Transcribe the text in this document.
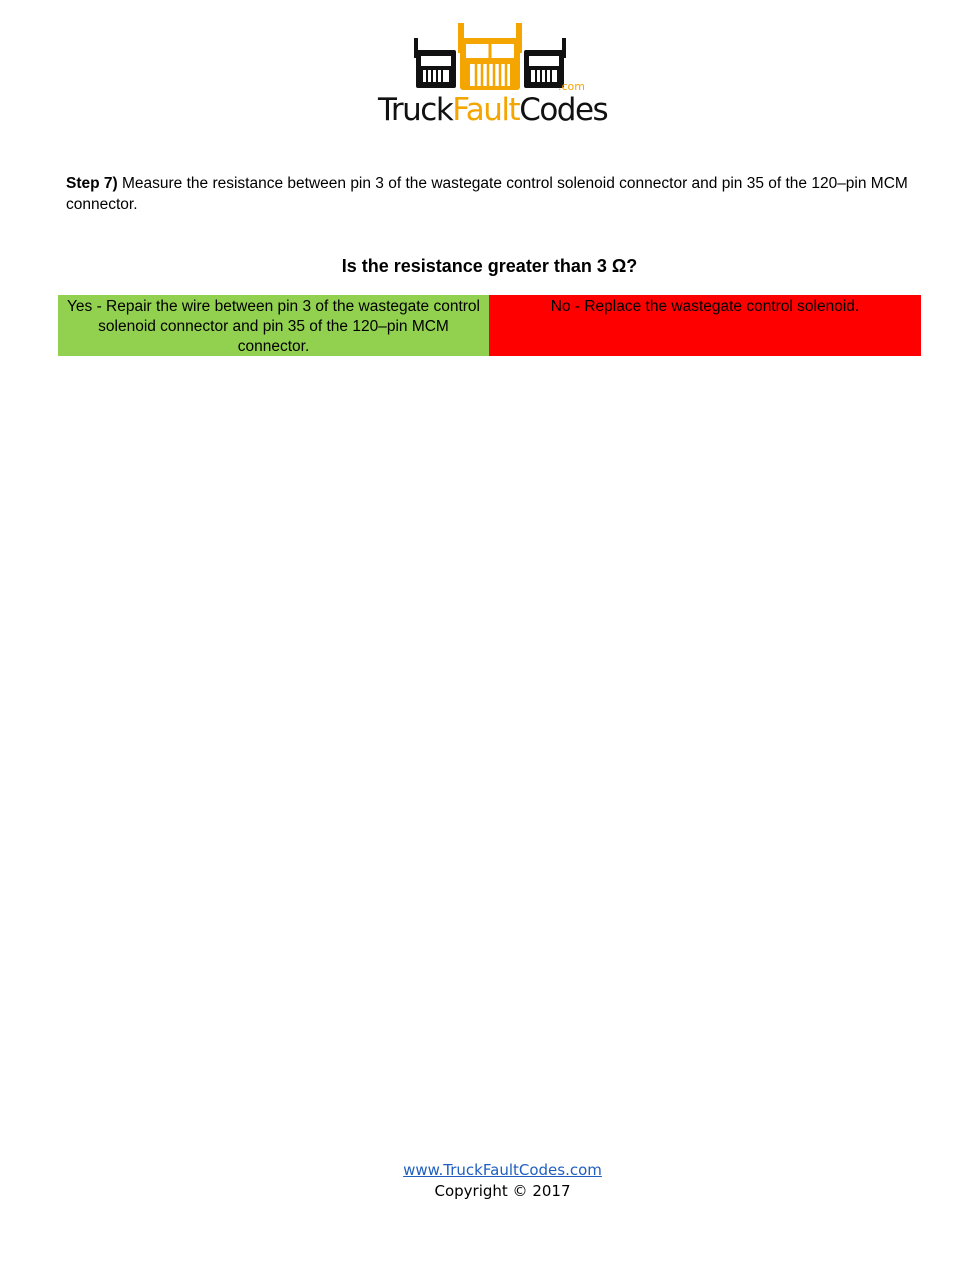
.com
TruckFaultCodes
Step 7) Measure the resistance between pin 3 of the wastegate control solenoid connector and pin 35 of the 120–pin MCM connector.
Is the resistance greater than 3 Ω?
Yes - Repair the wire between pin 3 of the wastegate control solenoid connector and pin 35 of the 120–pin MCM connector.
No - Replace the wastegate control solenoid.
www.TruckFaultCodes.com
Copyright © 2017
